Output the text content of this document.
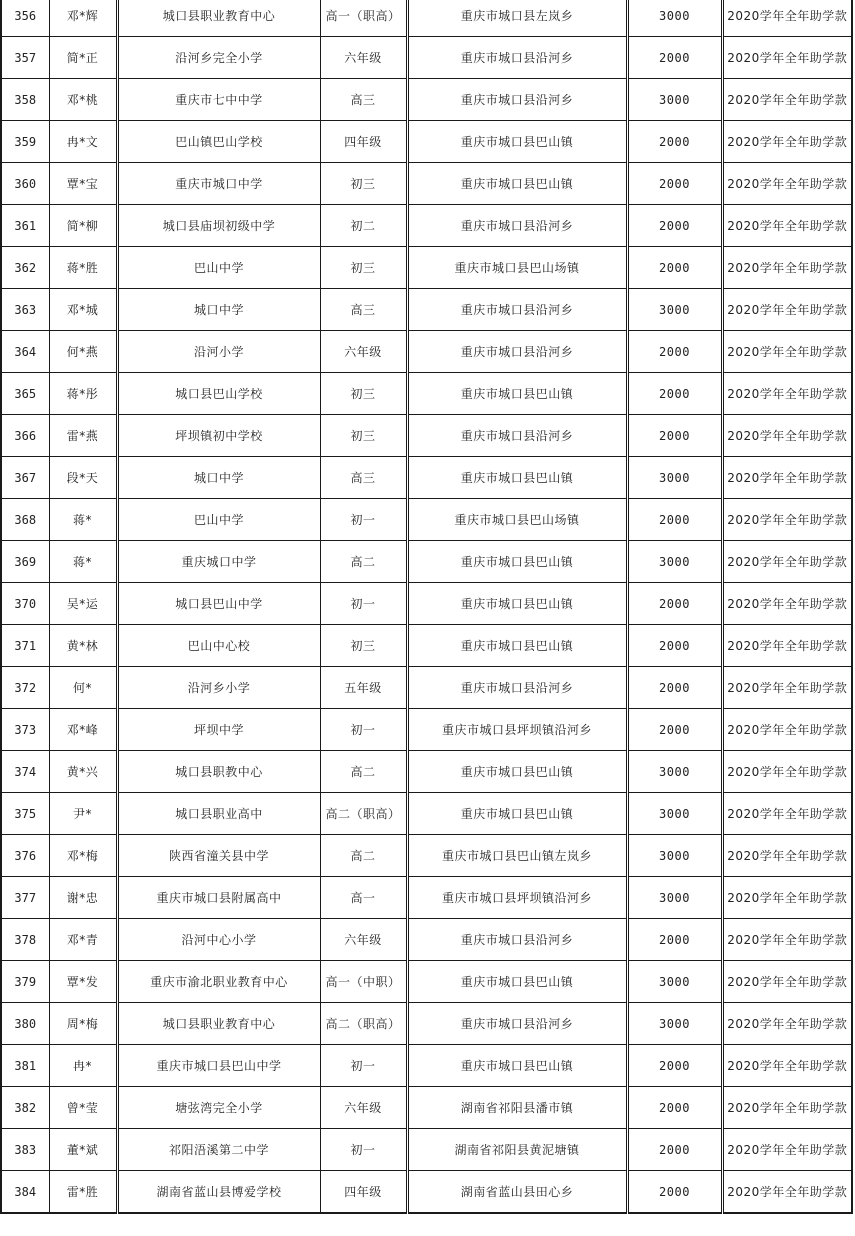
356	邓*辉	城口县职业教育中心	高一（职高）	重庆市城口县左岚乡	3000	2020学年全年助学款
357	简*正	沿河乡完全小学	六年级	重庆市城口县沿河乡	2000	2020学年全年助学款
358	邓*桃	重庆市七中中学	高三	重庆市城口县沿河乡	3000	2020学年全年助学款
359	冉*文	巴山镇巴山学校	四年级	重庆市城口县巴山镇	2000	2020学年全年助学款
360	覃*宝	重庆市城口中学	初三	重庆市城口县巴山镇	2000	2020学年全年助学款
361	简*柳	城口县庙坝初级中学	初二	重庆市城口县沿河乡	2000	2020学年全年助学款
362	蒋*胜	巴山中学	初三	重庆市城口县巴山场镇	2000	2020学年全年助学款
363	邓*城	城口中学	高三	重庆市城口县沿河乡	3000	2020学年全年助学款
364	何*燕	沿河小学	六年级	重庆市城口县沿河乡	2000	2020学年全年助学款
365	蒋*彤	城口县巴山学校	初三	重庆市城口县巴山镇	2000	2020学年全年助学款
366	雷*燕	坪坝镇初中学校	初三	重庆市城口县沿河乡	2000	2020学年全年助学款
367	段*天	城口中学	高三	重庆市城口县巴山镇	3000	2020学年全年助学款
368	蒋*	巴山中学	初一	重庆市城口县巴山场镇	2000	2020学年全年助学款
369	蒋*	重庆城口中学	高二	重庆市城口县巴山镇	3000	2020学年全年助学款
370	吴*运	城口县巴山中学	初一	重庆市城口县巴山镇	2000	2020学年全年助学款
371	黄*林	巴山中心校	初三	重庆市城口县巴山镇	2000	2020学年全年助学款
372	何*	沿河乡小学	五年级	重庆市城口县沿河乡	2000	2020学年全年助学款
373	邓*峰	坪坝中学	初一	重庆市城口县坪坝镇沿河乡	2000	2020学年全年助学款
374	黄*兴	城口县职教中心	高二	重庆市城口县巴山镇	3000	2020学年全年助学款
375	尹*	城口县职业高中	高二（职高）	重庆市城口县巴山镇	3000	2020学年全年助学款
376	邓*梅	陕西省潼关县中学	高二	重庆市城口县巴山镇左岚乡	3000	2020学年全年助学款
377	谢*忠	重庆市城口县附属高中	高一	重庆市城口县坪坝镇沿河乡	3000	2020学年全年助学款
378	邓*青	沿河中心小学	六年级	重庆市城口县沿河乡	2000	2020学年全年助学款
379	覃*发	重庆市渝北职业教育中心	高一（中职）	重庆市城口县巴山镇	3000	2020学年全年助学款
380	周*梅	城口县职业教育中心	高二（职高）	重庆市城口县沿河乡	3000	2020学年全年助学款
381	冉*	重庆市城口县巴山中学	初一	重庆市城口县巴山镇	2000	2020学年全年助学款
382	曾*莹	塘弦湾完全小学	六年级	湖南省祁阳县潘市镇	2000	2020学年全年助学款
383	董*斌	祁阳浯溪第二中学	初一	湖南省祁阳县黄泥塘镇	2000	2020学年全年助学款
384	雷*胜	湖南省蓝山县博爱学校	四年级	湖南省蓝山县田心乡	2000	2020学年全年助学款
